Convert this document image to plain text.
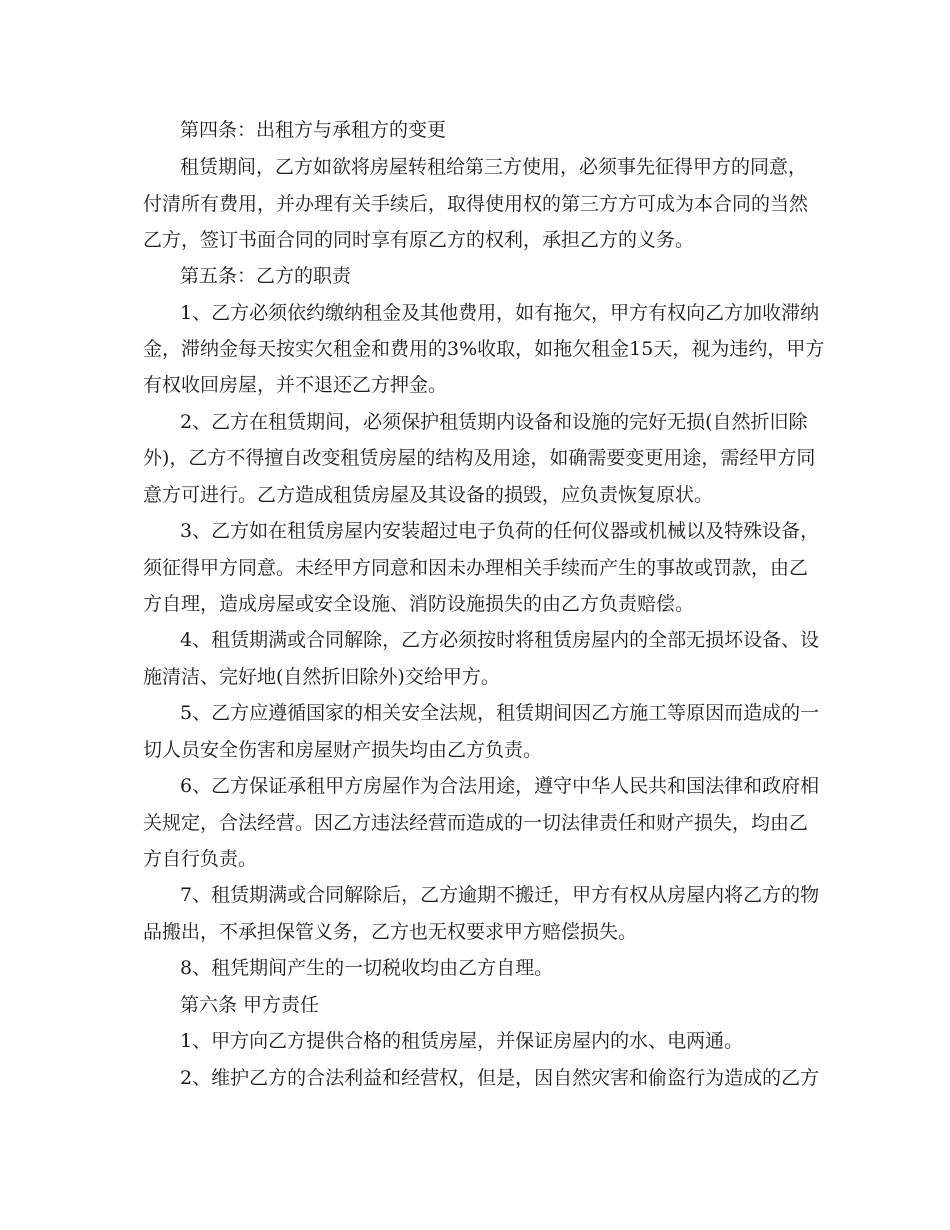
第四条：出租方与承租方的变更
租赁期间，乙方如欲将房屋转租给第三方使用，必须事先征得甲方的同意，
付清所有费用，并办理有关手续后，取得使用权的第三方方可成为本合同的当然
乙方，签订书面合同的同时享有原乙方的权利，承担乙方的义务。
第五条：乙方的职责
1、乙方必须依约缴纳租金及其他费用，如有拖欠，甲方有权向乙方加收滞纳
金，滞纳金每天按实欠租金和费用的3%收取，如拖欠租金15天，视为违约，甲方
有权收回房屋，并不退还乙方押金。
2、乙方在租赁期间，必须保护租赁期内设备和设施的完好无损(自然折旧除
外)，乙方不得擅自改变租赁房屋的结构及用途，如确需要变更用途，需经甲方同
意方可进行。乙方造成租赁房屋及其设备的损毁，应负责恢复原状。
3、乙方如在租赁房屋内安装超过电子负荷的任何仪器或机械以及特殊设备，
须征得甲方同意。未经甲方同意和因未办理相关手续而产生的事故或罚款，由乙
方自理，造成房屋或安全设施、消防设施损失的由乙方负责赔偿。
4、租赁期满或合同解除，乙方必须按时将租赁房屋内的全部无损坏设备、设
施清洁、完好地(自然折旧除外)交给甲方。
5、乙方应遵循国家的相关安全法规，租赁期间因乙方施工等原因而造成的一
切人员安全伤害和房屋财产损失均由乙方负责。
6、乙方保证承租甲方房屋作为合法用途，遵守中华人民共和国法律和政府相
关规定，合法经营。因乙方违法经营而造成的一切法律责任和财产损失，均由乙
方自行负责。
7、租赁期满或合同解除后，乙方逾期不搬迁，甲方有权从房屋内将乙方的物
品搬出，不承担保管义务，乙方也无权要求甲方赔偿损失。
8、租凭期间产生的一切税收均由乙方自理。
第六条 甲方责任
1、甲方向乙方提供合格的租赁房屋，并保证房屋内的水、电两通。
2、维护乙方的合法利益和经营权，但是，因自然灾害和偷盗行为造成的乙方
